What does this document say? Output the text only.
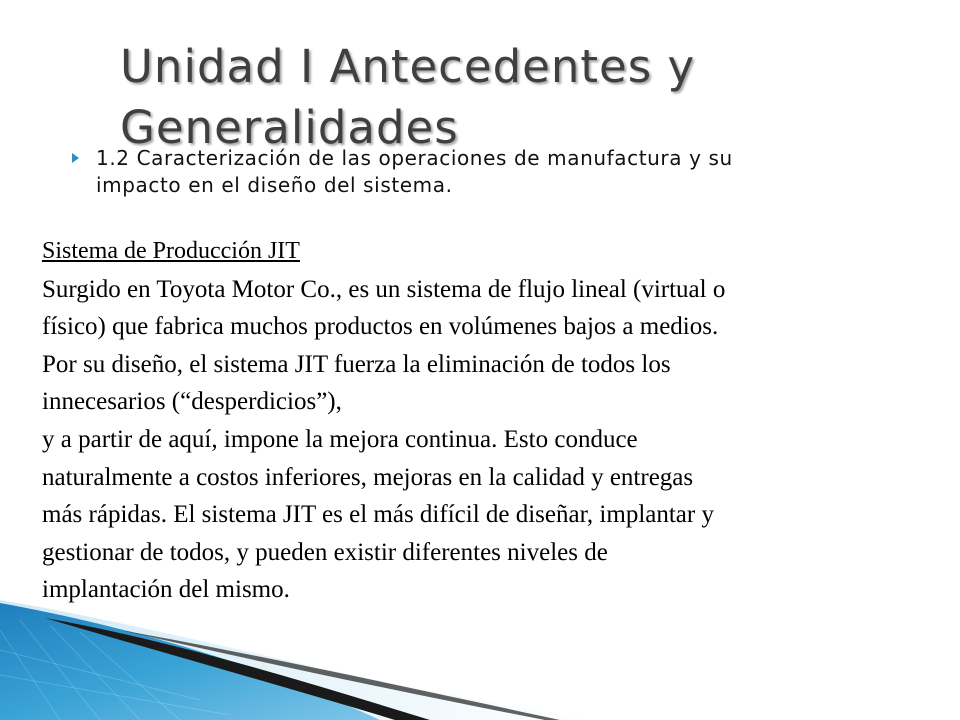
Unidad I Antecedentes y
Generalidades
1.2 Caracterización de las operaciones de manufactura y su
impacto en el diseño del sistema.
Sistema de Producción JIT
Surgido en Toyota Motor Co., es un sistema de flujo lineal (virtual o
físico) que fabrica muchos productos en volúmenes bajos a medios.
Por su diseño, el sistema JIT fuerza la eliminación de todos los
innecesarios (“desperdicios”),
y a partir de aquí, impone la mejora continua. Esto conduce
naturalmente a costos inferiores, mejoras en la calidad y entregas
más rápidas. El sistema JIT es el más difícil de diseñar, implantar y
gestionar de todos, y pueden existir diferentes niveles de
implantación del mismo.
